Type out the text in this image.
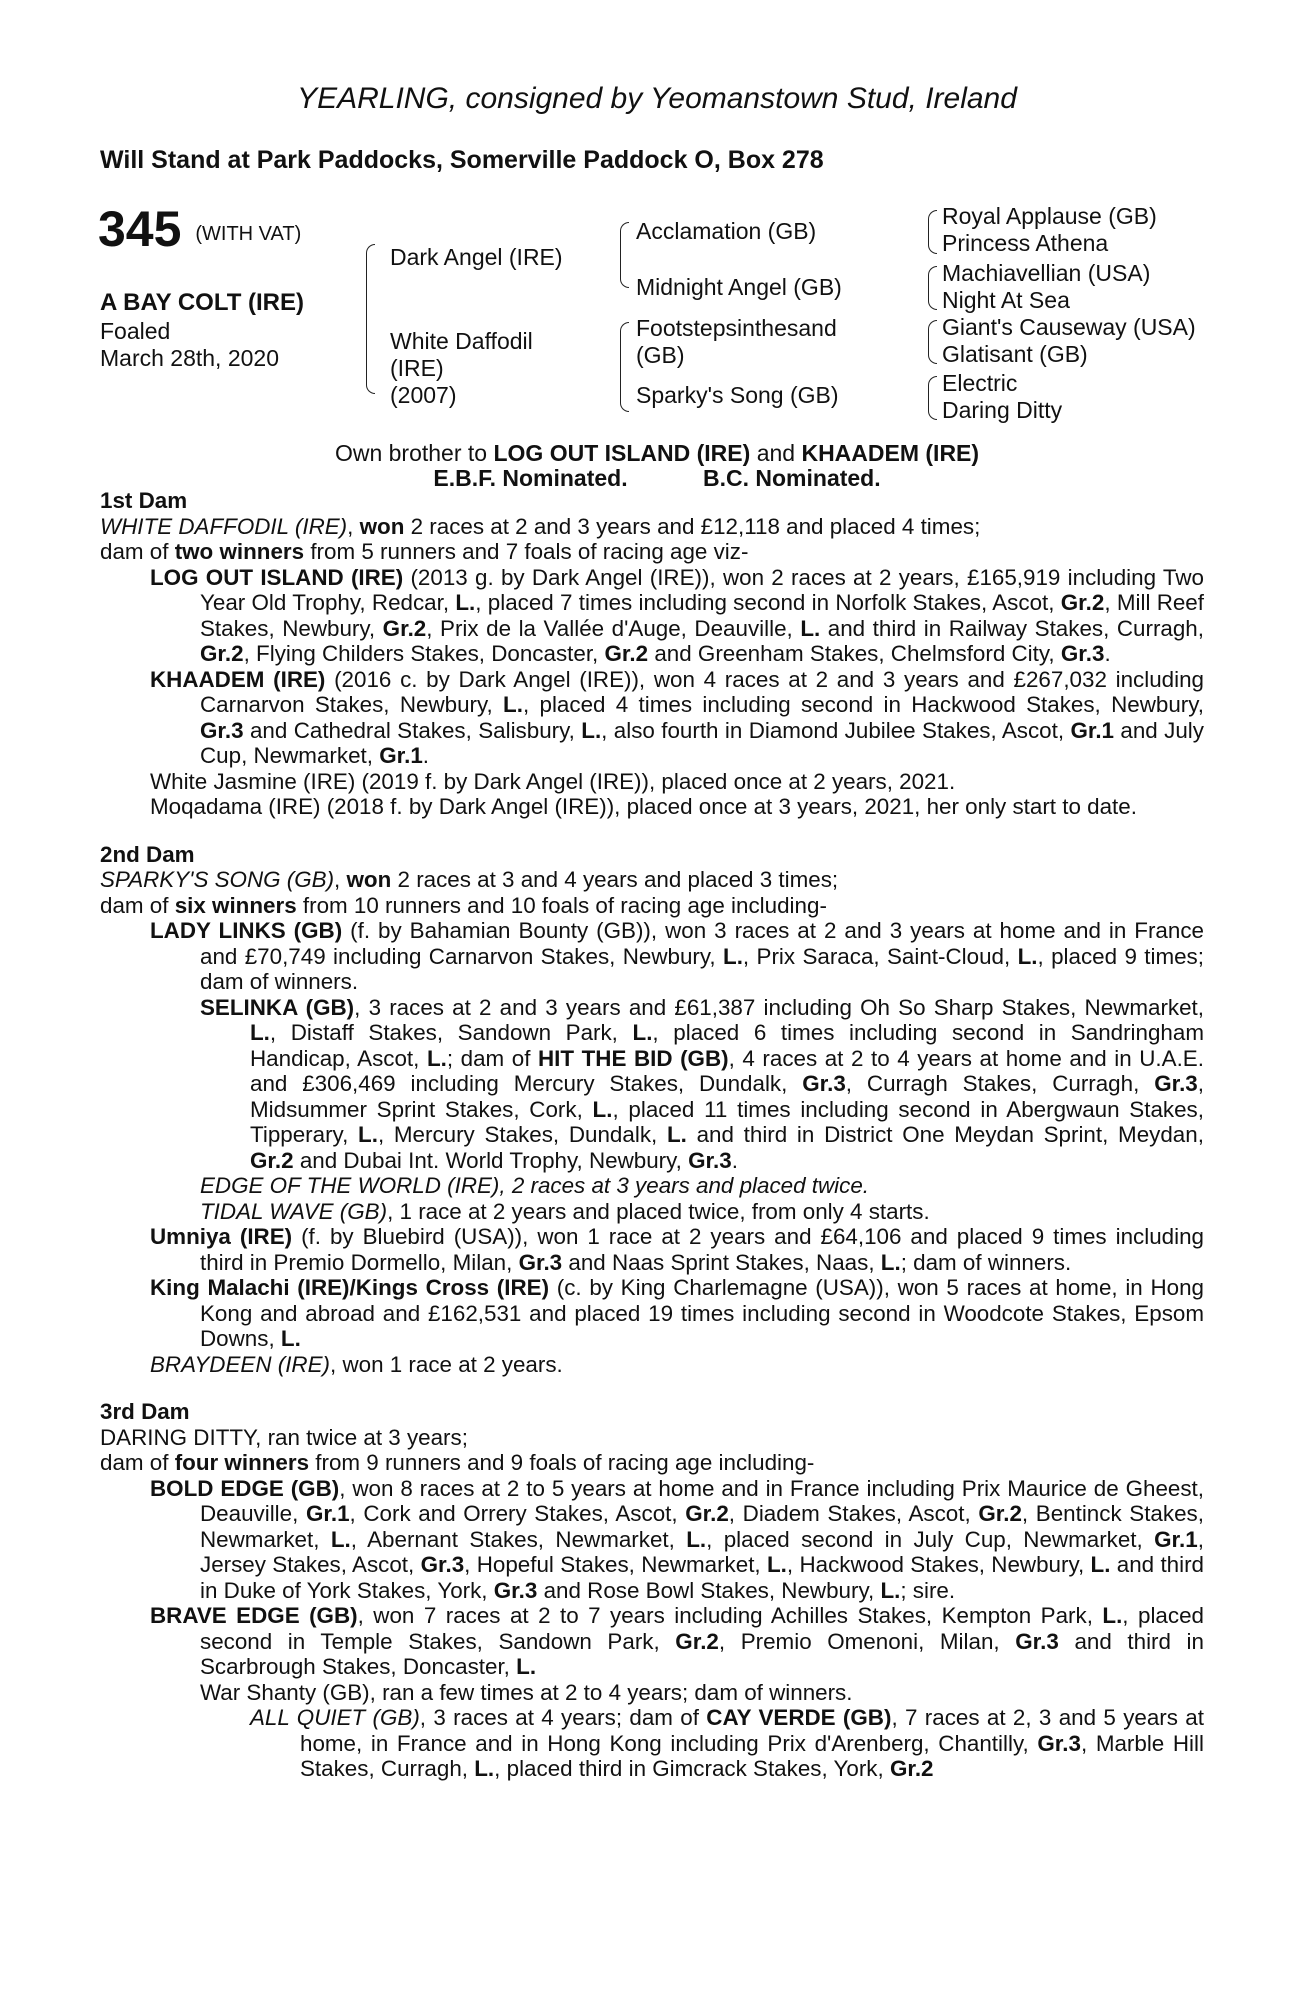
YEARLING, consigned by Yeomanstown Stud, Ireland
Will Stand at Park Paddocks, Somerville Paddock O, Box 278
345 (WITH VAT)
A BAY COLT (IRE)
Foaled
March 28th, 2020
Dark Angel (IRE)
White Daffodil
(IRE)
(2007)
Acclamation (GB)
Midnight Angel (GB)
Footstepsinthesand
(GB)
Sparky's Song (GB)
Royal Applause (GB)
Princess Athena
Machiavellian (USA)
Night At Sea
Giant's Causeway (USA)
Glatisant (GB)
Electric
Daring Ditty
Own brother to LOG OUT ISLAND (IRE) and KHAADEM (IRE)
E.B.F. Nominated.   	B.C. Nominated.

1st Dam

WHITE DAFFODIL (IRE), won 2 races at 2 and 3 years and £12,118 and placed 4 times;

dam of two winners from 5 runners and 7 foals of racing age viz-

LOG OUT ISLAND (IRE) (2013 g. by Dark Angel (IRE)), won 2 races at 2 years, £165,919 including Two Year Old Trophy, Redcar, L., placed 7 times including second in Norfolk Stakes, Ascot, Gr.2, Mill Reef Stakes, Newbury, Gr.2, Prix de la Vallée d'Auge, Deauville, L. and third in Railway Stakes, Curragh, Gr.2, Flying Childers Stakes, Doncaster, Gr.2 and Greenham Stakes, Chelmsford City, Gr.3.

KHAADEM (IRE) (2016 c. by Dark Angel (IRE)), won 4 races at 2 and 3 years and £267,032 including Carnarvon Stakes, Newbury, L., placed 4 times including second in Hackwood Stakes, Newbury, Gr.3 and Cathedral Stakes, Salisbury, L., also fourth in Diamond Jubilee Stakes, Ascot, Gr.1 and July Cup, Newmarket, Gr.1.

White Jasmine (IRE) (2019 f. by Dark Angel (IRE)), placed once at 2 years, 2021.

Moqadama (IRE) (2018 f. by Dark Angel (IRE)), placed once at 3 years, 2021, her only start to date.

2nd Dam

SPARKY'S SONG (GB), won 2 races at 3 and 4 years and placed 3 times;

dam of six winners from 10 runners and 10 foals of racing age including-

LADY LINKS (GB) (f. by Bahamian Bounty (GB)), won 3 races at 2 and 3 years at home and in France and £70,749 including Carnarvon Stakes, Newbury, L., Prix Saraca, Saint-Cloud, L., placed 9 times; dam of winners.

SELINKA (GB), 3 races at 2 and 3 years and £61,387 including Oh So Sharp Stakes, Newmarket, L., Distaff Stakes, Sandown Park, L., placed 6 times including second in Sandringham Handicap, Ascot, L.; dam of HIT THE BID (GB), 4 races at 2 to 4 years at home and in U.A.E. and £306,469 including Mercury Stakes, Dundalk, Gr.3, Curragh Stakes, Curragh, Gr.3, Midsummer Sprint Stakes, Cork, L., placed 11 times including second in Abergwaun Stakes, Tipperary, L., Mercury Stakes, Dundalk, L. and third in District One Meydan Sprint, Meydan, Gr.2 and Dubai Int. World Trophy, Newbury, Gr.3.

EDGE OF THE WORLD (IRE), 2 races at 3 years and placed twice.

TIDAL WAVE (GB), 1 race at 2 years and placed twice, from only 4 starts.

Umniya (IRE) (f. by Bluebird (USA)), won 1 race at 2 years and £64,106 and placed 9 times including third in Premio Dormello, Milan, Gr.3 and Naas Sprint Stakes, Naas, L.; dam of winners.

King Malachi (IRE)/Kings Cross (IRE) (c. by King Charlemagne (USA)), won 5 races at home, in Hong Kong and abroad and £162,531 and placed 19 times including second in Woodcote Stakes, Epsom Downs, L.

BRAYDEEN (IRE), won 1 race at 2 years.

3rd Dam

DARING DITTY, ran twice at 3 years;

dam of four winners from 9 runners and 9 foals of racing age including-

BOLD EDGE (GB), won 8 races at 2 to 5 years at home and in France including Prix Maurice de Gheest, Deauville, Gr.1, Cork and Orrery Stakes, Ascot, Gr.2, Diadem Stakes, Ascot, Gr.2, Bentinck Stakes, Newmarket, L., Abernant Stakes, Newmarket, L., placed second in July Cup, Newmarket, Gr.1, Jersey Stakes, Ascot, Gr.3, Hopeful Stakes, Newmarket, L., Hackwood Stakes, Newbury, L. and third in Duke of York Stakes, York, Gr.3 and Rose Bowl Stakes, Newbury, L.; sire.

BRAVE EDGE (GB), won 7 races at 2 to 7 years including Achilles Stakes, Kempton Park, L., placed second in Temple Stakes, Sandown Park, Gr.2, Premio Omenoni, Milan, Gr.3 and third in Scarbrough Stakes, Doncaster, L.

War Shanty (GB), ran a few times at 2 to 4 years; dam of winners.

ALL QUIET (GB), 3 races at 4 years; dam of CAY VERDE (GB), 7 races at 2, 3 and 5 years at home, in France and in Hong Kong including Prix d'Arenberg, Chantilly, Gr.3, Marble Hill Stakes, Curragh, L., placed third in Gimcrack Stakes, York, Gr.2
